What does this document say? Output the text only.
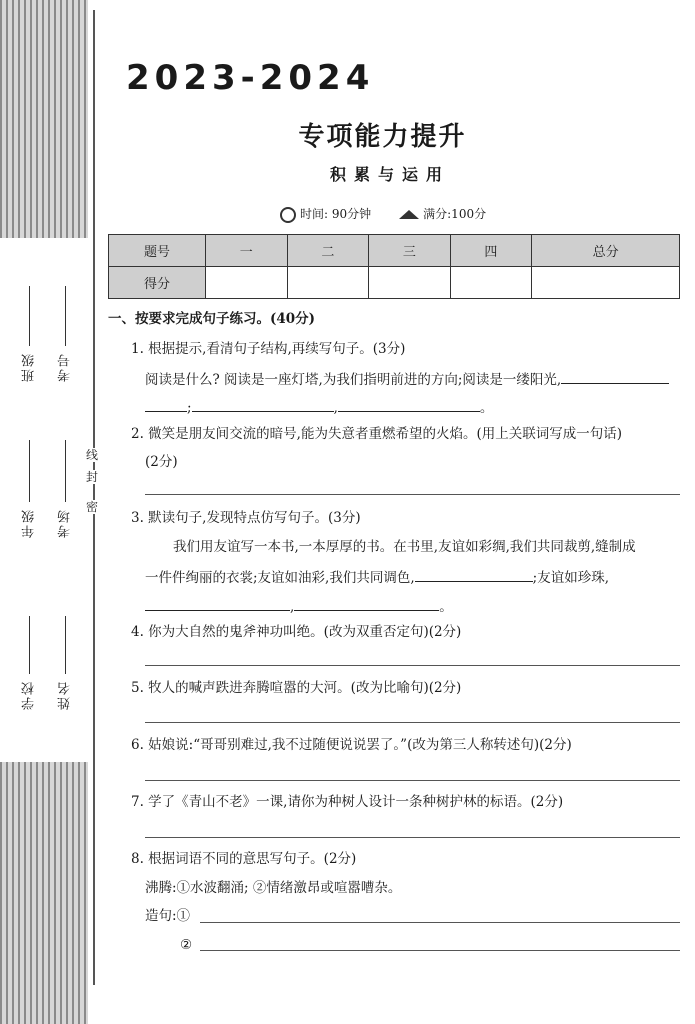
线
封
密
班级 考号
年级 考场
学校 姓名
2023-2024
专项能力提升
积累与运用
时间: 90分钟	满分:100分
题号	一	二	三	四	总分
得分					
一、按要求完成句子练习。(40分)
1. 根据提示,看清句子结构,再续写句子。(3分)
阅读是什么? 阅读是一座灯塔,为我们指明前进的方向;阅读是一缕阳光,
;	,	。
2. 微笑是朋友间交流的暗号,能为失意者重燃希望的火焰。(用上关联词写成一句话)
(2分)
3. 默读句子,发现特点仿写句子。(3分)
我们用友谊写一本书,一本厚厚的书。在书里,友谊如彩绸,我们共同裁剪,缝制成
一件件绚丽的衣裳;友谊如油彩,我们共同调色,	;友谊如珍珠,
,	。
4. 你为大自然的鬼斧神功叫绝。(改为双重否定句)(2分)
5. 牧人的喊声跌进奔腾喧嚣的大河。(改为比喻句)(2分)
6. 姑娘说:“哥哥别难过,我不过随便说说罢了。”(改为第三人称转述句)(2分)
7. 学了《青山不老》一课,请你为种树人设计一条种树护林的标语。(2分)
8. 根据词语不同的意思写句子。(2分)
沸腾:①水波翻涌; ②情绪激昂或喧嚣嘈杂。
造句:①
②
